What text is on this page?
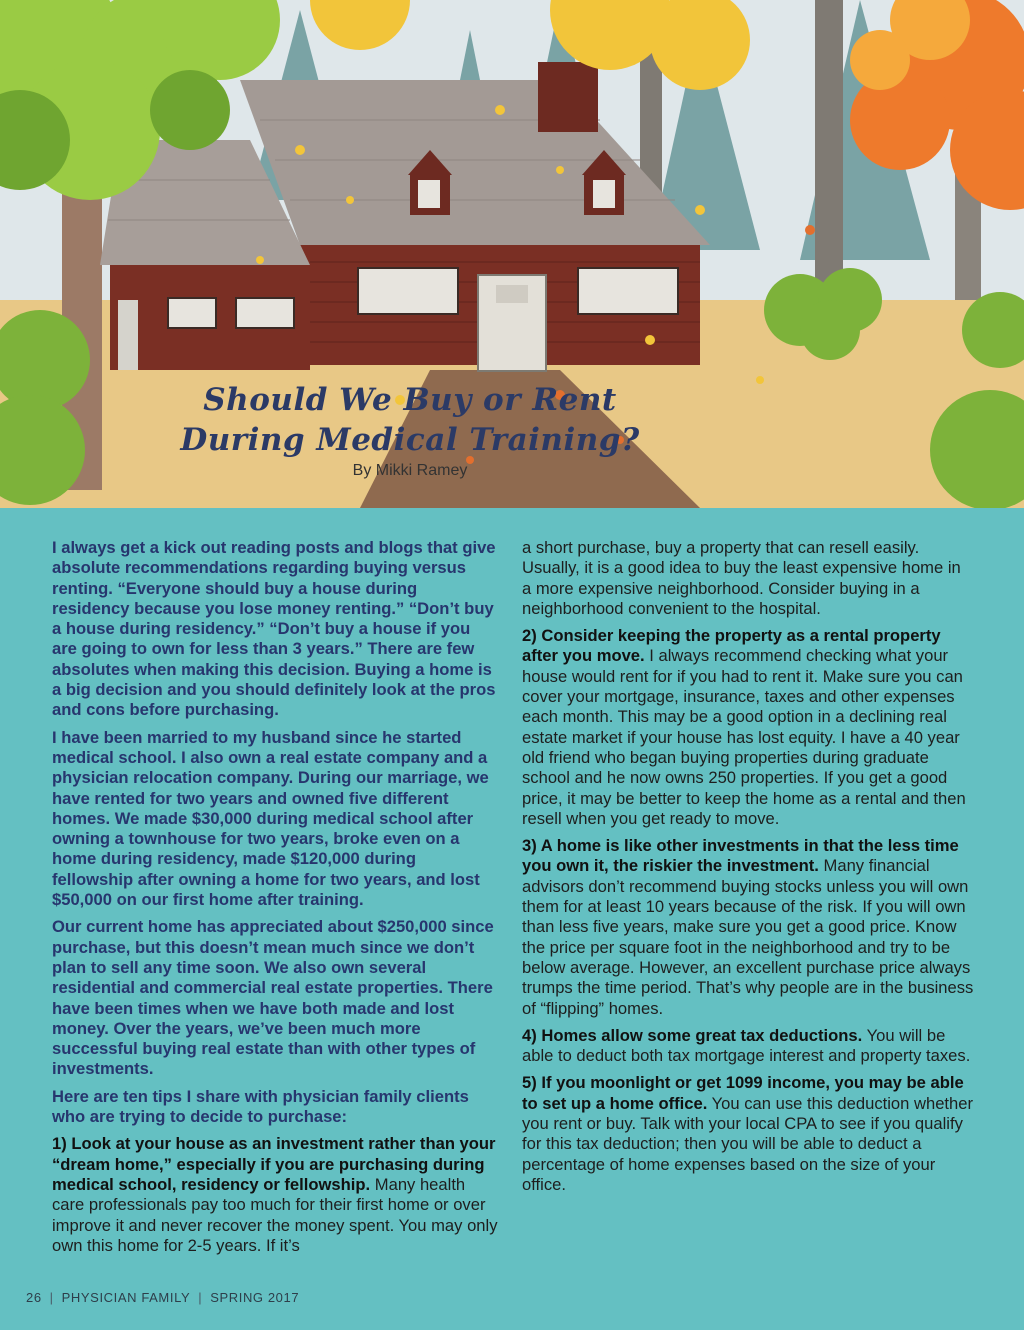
Should We Buy or Rent
During Medical Training?
By Mikki Ramey

I always get a kick out reading posts and blogs that give absolute recommendations regarding buying versus renting. “Everyone should buy a house during residency because you lose money renting.” “Don’t buy a house during residency.” “Don’t buy a house if you are going to own for less than 3 years.” There are few absolutes when making this decision. Buying a home is a big decision and you should definitely look at the pros and cons before purchasing.

I have been married to my husband since he started medical school. I also own a real estate company and a physician relocation company. During our marriage, we have rented for two years and owned five different homes. We made $30,000 during medical school after owning a townhouse for two years, broke even on a home during residency, made $120,000 during fellowship after owning a home for two years, and lost $50,000 on our first home after training.

Our current home has appreciated about $250,000 since purchase, but this doesn’t mean much since we don’t plan to sell any time soon. We also own several residential and commercial real estate properties. There have been times when we have both made and lost money. Over the years, we’ve been much more successful buying real estate than with other types of investments.

Here are ten tips I share with physician family clients who are trying to decide to purchase:

1) Look at your house as an investment rather than your “dream home,” especially if you are purchasing during medical school, residency or fellowship. Many health care professionals pay too much for their first home or over improve it and never recover the money spent. You may only own this home for 2-5 years. If it’s

a short purchase, buy a property that can resell easily. Usually, it is a good idea to buy the least expensive home in a more expensive neighborhood. Consider buying in a neighborhood convenient to the hospital.

2) Consider keeping the property as a rental property after you move. I always recommend checking what your house would rent for if you had to rent it. Make sure you can cover your mortgage, insurance, taxes and other expenses each month. This may be a good option in a declining real estate market if your house has lost equity. I have a 40 year old friend who began buying properties during graduate school and he now owns 250 properties. If you get a good price, it may be better to keep the home as a rental and then resell when you get ready to move.

3) A home is like other investments in that the less time you own it, the riskier the investment. Many financial advisors don’t recommend buying stocks unless you will own them for at least 10 years because of the risk. If you will own than less five years, make sure you get a good price. Know the price per square foot in the neighborhood and try to be below average. However, an excellent purchase price always trumps the time period. That’s why people are in the business of “flipping” homes.

4) Homes allow some great tax deductions. You will be able to deduct both tax mortgage interest and property taxes.

5) If you moonlight or get 1099 income, you may be able to set up a home office. You can use this deduction whether you rent or buy. Talk with your local CPA to see if you qualify for this tax deduction; then you will be able to deduct a percentage of home expenses based on the size of your office.

26 | PHYSICIAN FAMILY | SPRING 2017
